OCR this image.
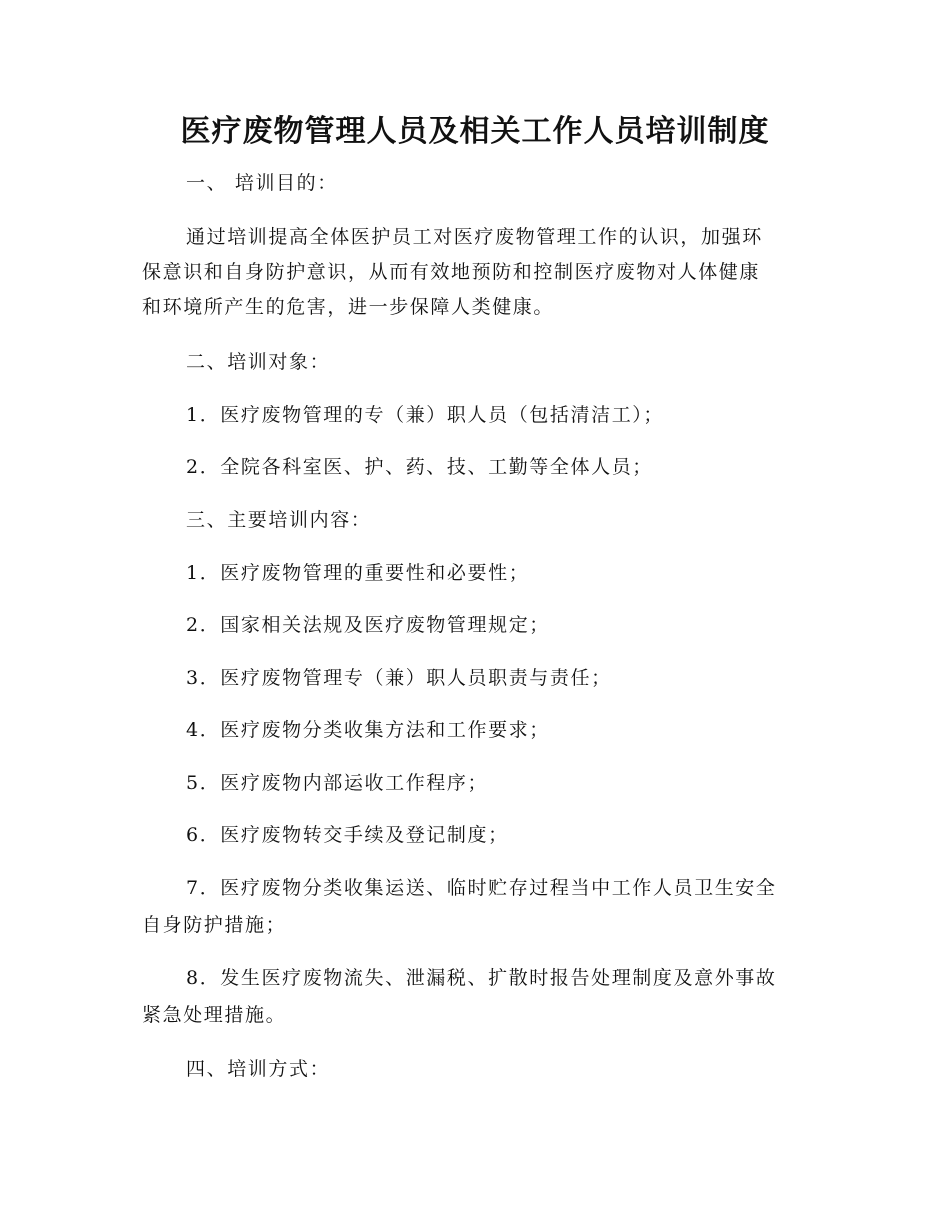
医疗废物管理人员及相关工作人员培训制度
一、 培训目的：
通过培训提高全体医护员工对医疗废物管理工作的认识，加强环
保意识和自身防护意识，从而有效地预防和控制医疗废物对人体健康
和环境所产生的危害，进一步保障人类健康。
二、培训对象：
1．医疗废物管理的专（兼）职人员（包括清洁工）；
2．全院各科室医、护、药、技、工勤等全体人员；
三、主要培训内容：
1．医疗废物管理的重要性和必要性；
2．国家相关法规及医疗废物管理规定；
3．医疗废物管理专（兼）职人员职责与责任；
4．医疗废物分类收集方法和工作要求；
5．医疗废物内部运收工作程序；
6．医疗废物转交手续及登记制度；
7．医疗废物分类收集运送、临时贮存过程当中工作人员卫生安全
自身防护措施；
8．发生医疗废物流失、泄漏税、扩散时报告处理制度及意外事故
紧急处理措施。
四、培训方式：
